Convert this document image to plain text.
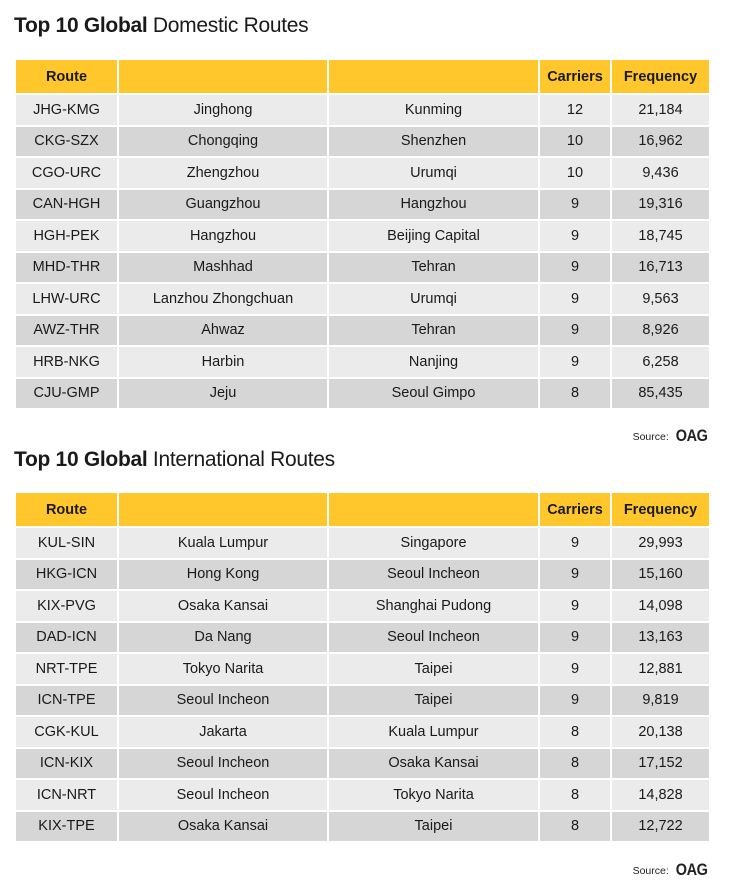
Top 10 Global Domestic Routes
Route			Carriers	Frequency
JHG-KMG	Jinghong	Kunming	12	21,184
CKG-SZX	Chongqing	Shenzhen	10	16,962
CGO-URC	Zhengzhou	Urumqi	10	9,436
CAN-HGH	Guangzhou	Hangzhou	9	19,316
HGH-PEK	Hangzhou	Beijing Capital	9	18,745
MHD-THR	Mashhad	Tehran	9	16,713
LHW-URC	Lanzhou Zhongchuan	Urumqi	9	9,563
AWZ-THR	Ahwaz	Tehran	9	8,926
HRB-NKG	Harbin	Nanjing	9	6,258
CJU-GMP	Jeju	Seoul Gimpo	8	85,435
Source: OAG
Top 10 Global International Routes
Route			Carriers	Frequency
KUL-SIN	Kuala Lumpur	Singapore	9	29,993
HKG-ICN	Hong Kong	Seoul Incheon	9	15,160
KIX-PVG	Osaka Kansai	Shanghai Pudong	9	14,098
DAD-ICN	Da Nang	Seoul Incheon	9	13,163
NRT-TPE	Tokyo Narita	Taipei	9	12,881
ICN-TPE	Seoul Incheon	Taipei	9	9,819
CGK-KUL	Jakarta	Kuala Lumpur	8	20,138
ICN-KIX	Seoul Incheon	Osaka Kansai	8	17,152
ICN-NRT	Seoul Incheon	Tokyo Narita	8	14,828
KIX-TPE	Osaka Kansai	Taipei	8	12,722
Source: OAG
